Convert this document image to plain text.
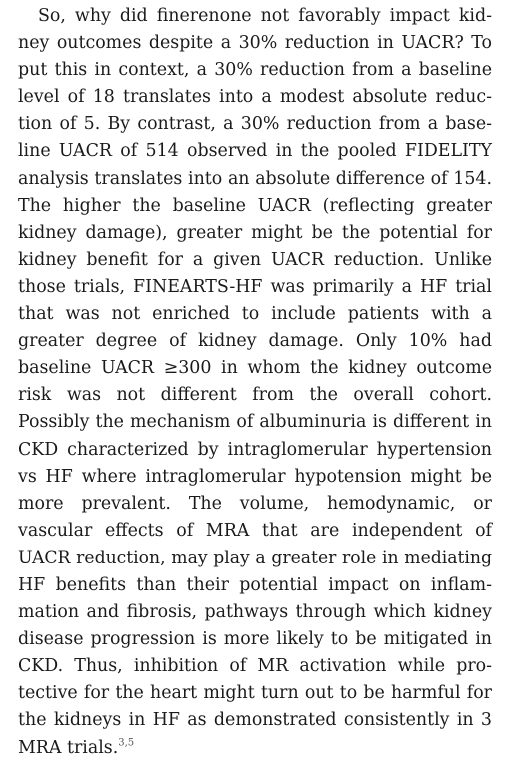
So, why did finerenone not favorably impact kid-
ney outcomes despite a 30% reduction in UACR? To
put this in context, a 30% reduction from a baseline
level of 18 translates into a modest absolute reduc-
tion of 5. By contrast, a 30% reduction from a base-
line UACR of 514 observed in the pooled FIDELITY
analysis translates into an absolute difference of 154.
The higher the baseline UACR (reflecting greater
kidney damage), greater might be the potential for
kidney benefit for a given UACR reduction. Unlike
those trials, FINEARTS-HF was primarily a HF trial
that was not enriched to include patients with a
greater degree of kidney damage. Only 10% had
baseline UACR ≥300 in whom the kidney outcome
risk was not different from the overall cohort.
Possibly the mechanism of albuminuria is different in
CKD characterized by intraglomerular hypertension
vs HF where intraglomerular hypotension might be
more prevalent. The volume, hemodynamic, or
vascular effects of MRA that are independent of
UACR reduction, may play a greater role in mediating
HF benefits than their potential impact on inflam-
mation and fibrosis, pathways through which kidney
disease progression is more likely to be mitigated in
CKD. Thus, inhibition of MR activation while pro-
tective for the heart might turn out to be harmful for
the kidneys in HF as demonstrated consistently in 3
MRA trials.$^{3,5}$
